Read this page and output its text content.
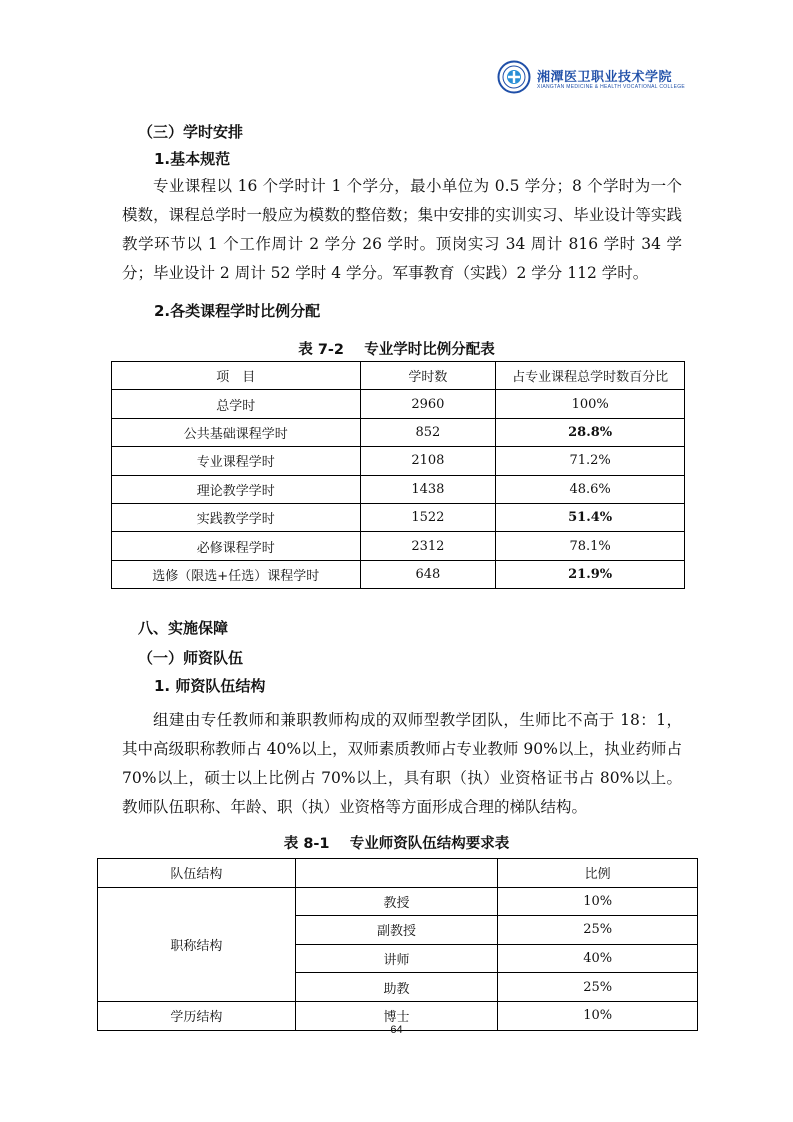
湘潭医卫职业技术学院
XIANGTAN MEDICINE & HEALTH VOCATIONAL COLLEGE
（三）学时安排
1.基本规范

专业课程以 16 个学时计 1 个学分，最小单位为 0.5 学分；8 个学时为一个模数，课程总学时一般应为模数的整倍数；集中安排的实训实习、毕业设计等实践教学环节以 1 个工作周计 2 学分 26 学时。顶岗实习 34 周计 816 学时 34 学分；毕业设计 2 周计 52 学时 4 学分。军事教育（实践）2 学分 112 学时。

2.各类课程学时比例分配
表 7-2    专业学时比例分配表
项　目	学时数	占专业课程总学时数百分比
总学时	2960	100%
公共基础课程学时	852	28.8%
专业课程学时	2108	71.2%
理论教学学时	1438	48.6%
实践教学学时	1522	51.4%
必修课程学时	2312	78.1%
选修（限选+任选）课程学时	648	21.9%
八、实施保障
（一）师资队伍
1. 师资队伍结构

组建由专任教师和兼职教师构成的双师型教学团队，生师比不高于 18：1，其中高级职称教师占 40%以上，双师素质教师占专业教师 90%以上，执业药师占 70%以上，硕士以上比例占 70%以上，具有职（执）业资格证书占 80%以上。教师队伍职称、年龄、职（执）业资格等方面形成合理的梯队结构。

表 8-1    专业师资队伍结构要求表
队伍结构		比例
职称结构	教授	10%
	副教授	25%
	讲师	40%
	助教	25%
学历结构	博士	10%
64
